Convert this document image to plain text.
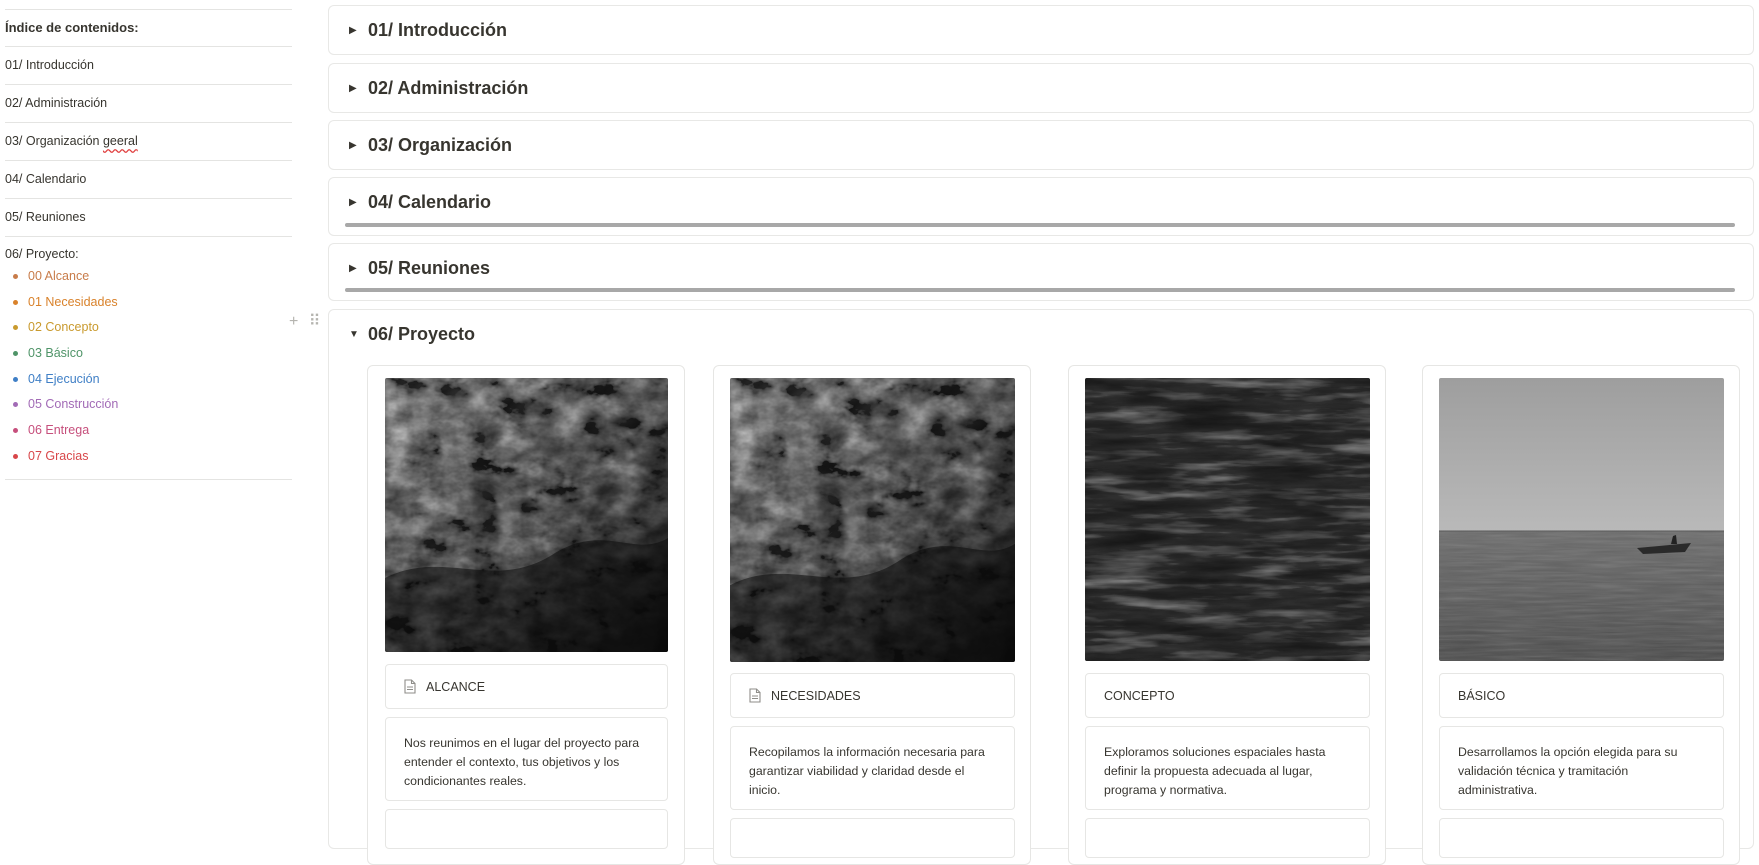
Índice de contenidos:
01/ Introducción
02/ Administración
03/ Organización geeral
04/ Calendario
05/ Reuniones
06/ Proyecto:
00 Alcance
01 Necesidades
02 Concepto
03 Básico
04 Ejecución
05 Construcción
06 Entrega
07 Gracias
+ ⠿
▶ 01/ Introducción
▶ 02/ Administración
▶ 03/ Organización
▶ 04/ Calendario
▶ 05/ Reuniones
▼ 06/ Proyecto
ALCANCE
Nos reunimos en el lugar del proyecto para entender el contexto, tus objetivos y los condicionantes reales.
NECESIDADES
Recopilamos la información necesaria para garantizar viabilidad y claridad desde el inicio.
CONCEPTO
Exploramos soluciones espaciales hasta definir la propuesta adecuada al lugar, programa y normativa.
BÁSICO
Desarrollamos la opción elegida para su validación técnica y tramitación administrativa.
